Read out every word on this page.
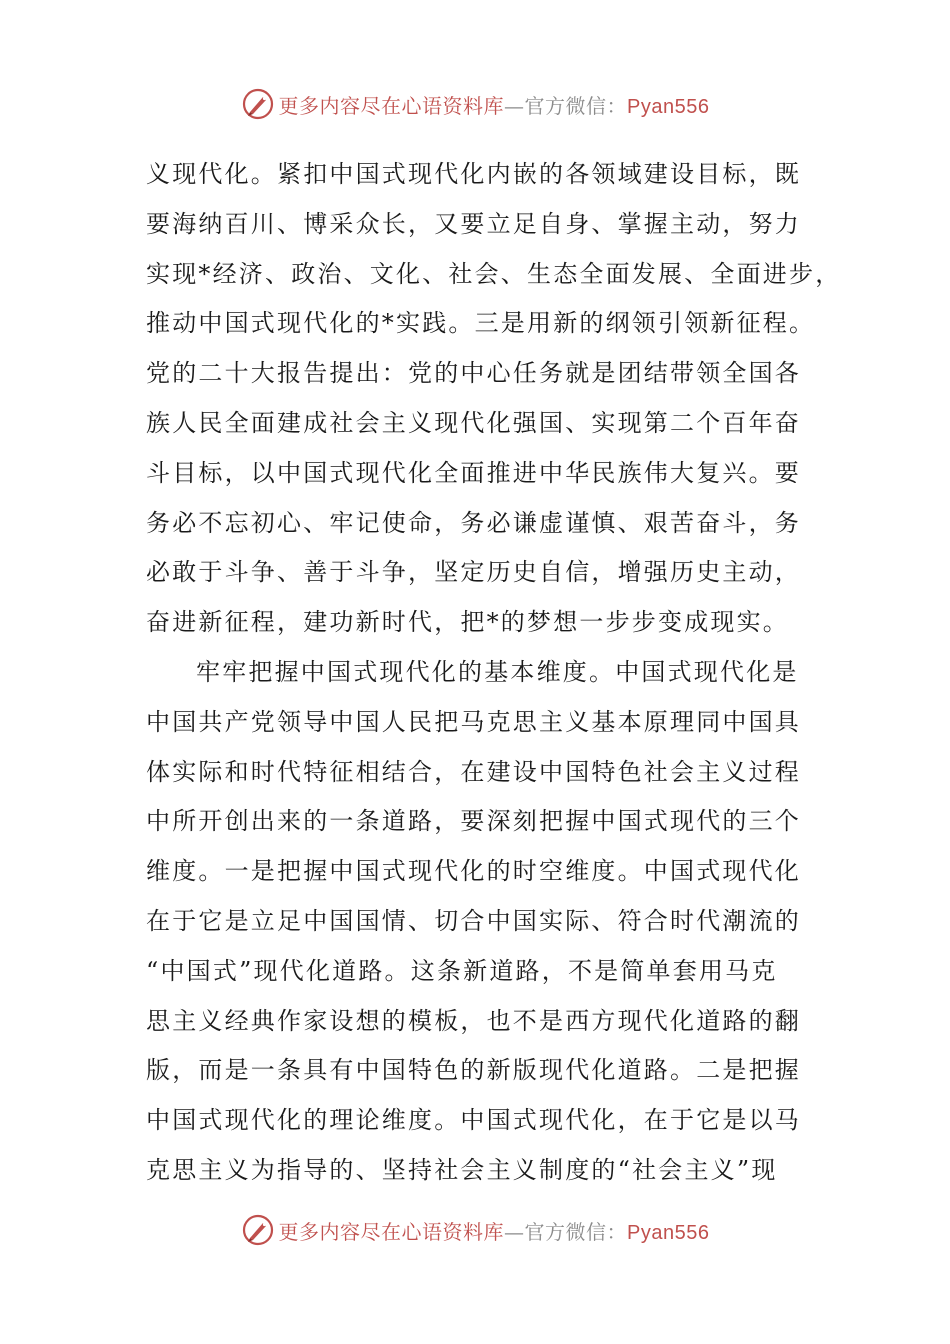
更多内容尽在心语资料库—官方微信：Pyan556
义现代化。紧扣中国式现代化内嵌的各领域建设目标，既
要海纳百川、博采众长，又要立足自身、掌握主动，努力
实现*经济、政治、文化、社会、生态全面发展、全面进步，
推动中国式现代化的*实践。三是用新的纲领引领新征程。
党的二十大报告提出：党的中心任务就是团结带领全国各
族人民全面建成社会主义现代化强国、实现第二个百年奋
斗目标，以中国式现代化全面推进中华民族伟大复兴。要
务必不忘初心、牢记使命，务必谦虚谨慎、艰苦奋斗，务
必敢于斗争、善于斗争，坚定历史自信，增强历史主动，
奋进新征程，建功新时代，把*的梦想一步步变成现实。
牢牢把握中国式现代化的基本维度。中国式现代化是
中国共产党领导中国人民把马克思主义基本原理同中国具
体实际和时代特征相结合，在建设中国特色社会主义过程
中所开创出来的一条道路，要深刻把握中国式现代的三个
维度。一是把握中国式现代化的时空维度。中国式现代化
在于它是立足中国国情、切合中国实际、符合时代潮流的
“中国式”现代化道路。这条新道路，不是简单套用马克
思主义经典作家设想的模板，也不是西方现代化道路的翻
版，而是一条具有中国特色的新版现代化道路。二是把握
中国式现代化的理论维度。中国式现代化，在于它是以马
克思主义为指导的、坚持社会主义制度的“社会主义”现
更多内容尽在心语资料库—官方微信：Pyan556
